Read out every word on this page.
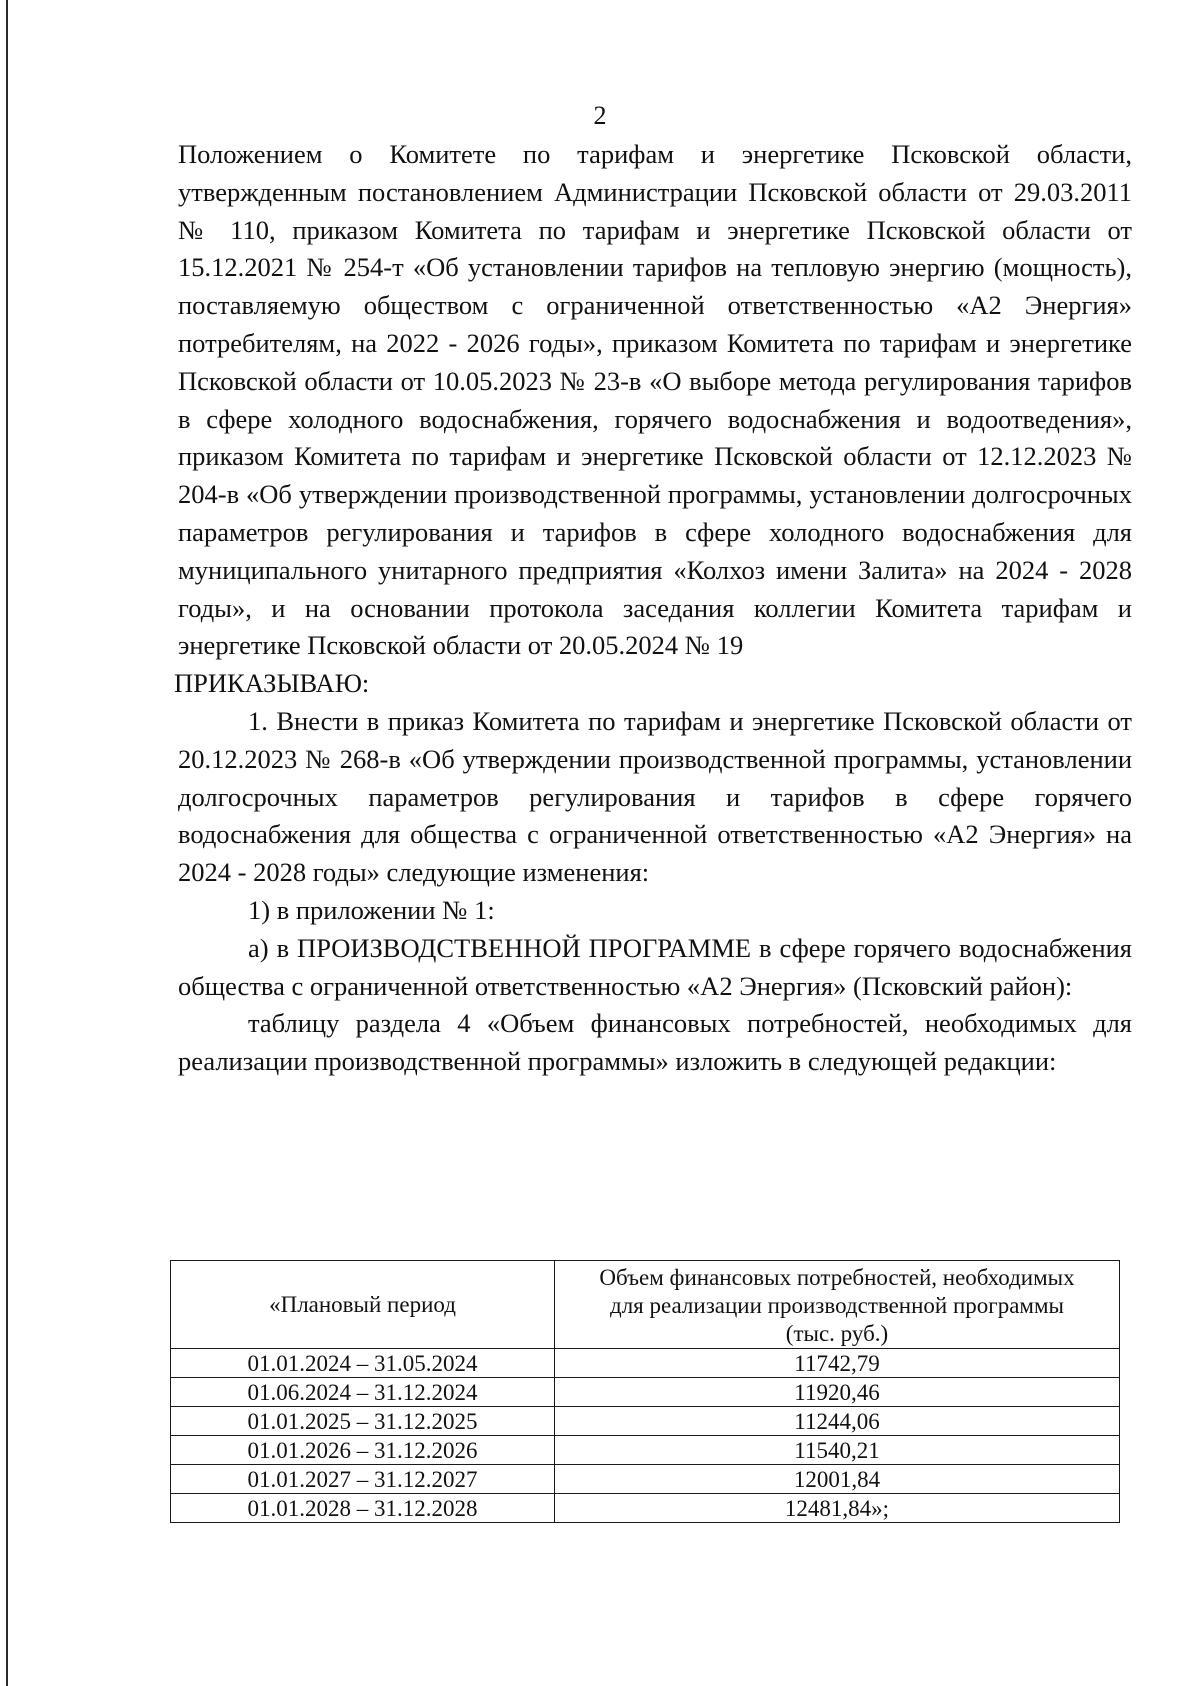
2

Положением о Комитете по тарифам и энергетике Псковской области, утвержденным постановлением Администрации Псковской области от 29.03.2011 № 110, приказом Комитета по тарифам и энергетике Псковской области от 15.12.2021 № 254-т «Об установлении тарифов на тепловую энергию (мощность), поставляемую обществом с ограниченной ответственностью «А2 Энергия» потребителям, на 2022 - 2026 годы», приказом Комитета по тарифам и энергетике Псковской области от 10.05.2023 № 23-в «О выборе метода регулирования тарифов в сфере холодного водоснабжения, горячего водоснабжения и водоотведения», приказом Комитета по тарифам и энергетике Псковской области от 12.12.2023 № 204-в «Об утверждении производственной программы, установлении долгосрочных параметров регулирования и тарифов в сфере холодного водоснабжения для муниципального унитарного предприятия «Колхоз имени Залита» на 2024 - 2028 годы», и на основании протокола заседания коллегии Комитета тарифам и энергетике Псковской области от 20.05.2024 № 19

ПРИКАЗЫВАЮ:

1. Внести в приказ Комитета по тарифам и энергетике Псковской области от 20.12.2023 № 268-в «Об утверждении производственной программы, установлении долгосрочных параметров регулирования и тарифов в сфере горячего водоснабжения для общества с ограниченной ответственностью «А2 Энергия» на 2024 - 2028 годы» следующие изменения:

1) в приложении № 1:

а) в ПРОИЗВОДСТВЕННОЙ ПРОГРАММЕ в сфере горячего водоснабжения общества с ограниченной ответственностью «А2 Энергия» (Псковский район):

таблицу раздела 4 «Объем финансовых потребностей, необходимых для реализации производственной программы» изложить в следующей редакции:

«Плановый период	Объем финансовых потребностей, необходимых
для реализации производственной программы
(тыс. руб.)

01.01.2024 – 31.05.2024	11742,79
01.06.2024 – 31.12.2024	11920,46
01.01.2025 – 31.12.2025	11244,06
01.01.2026 – 31.12.2026	11540,21
01.01.2027 – 31.12.2027	12001,84
01.01.2028 – 31.12.2028	12481,84»;
